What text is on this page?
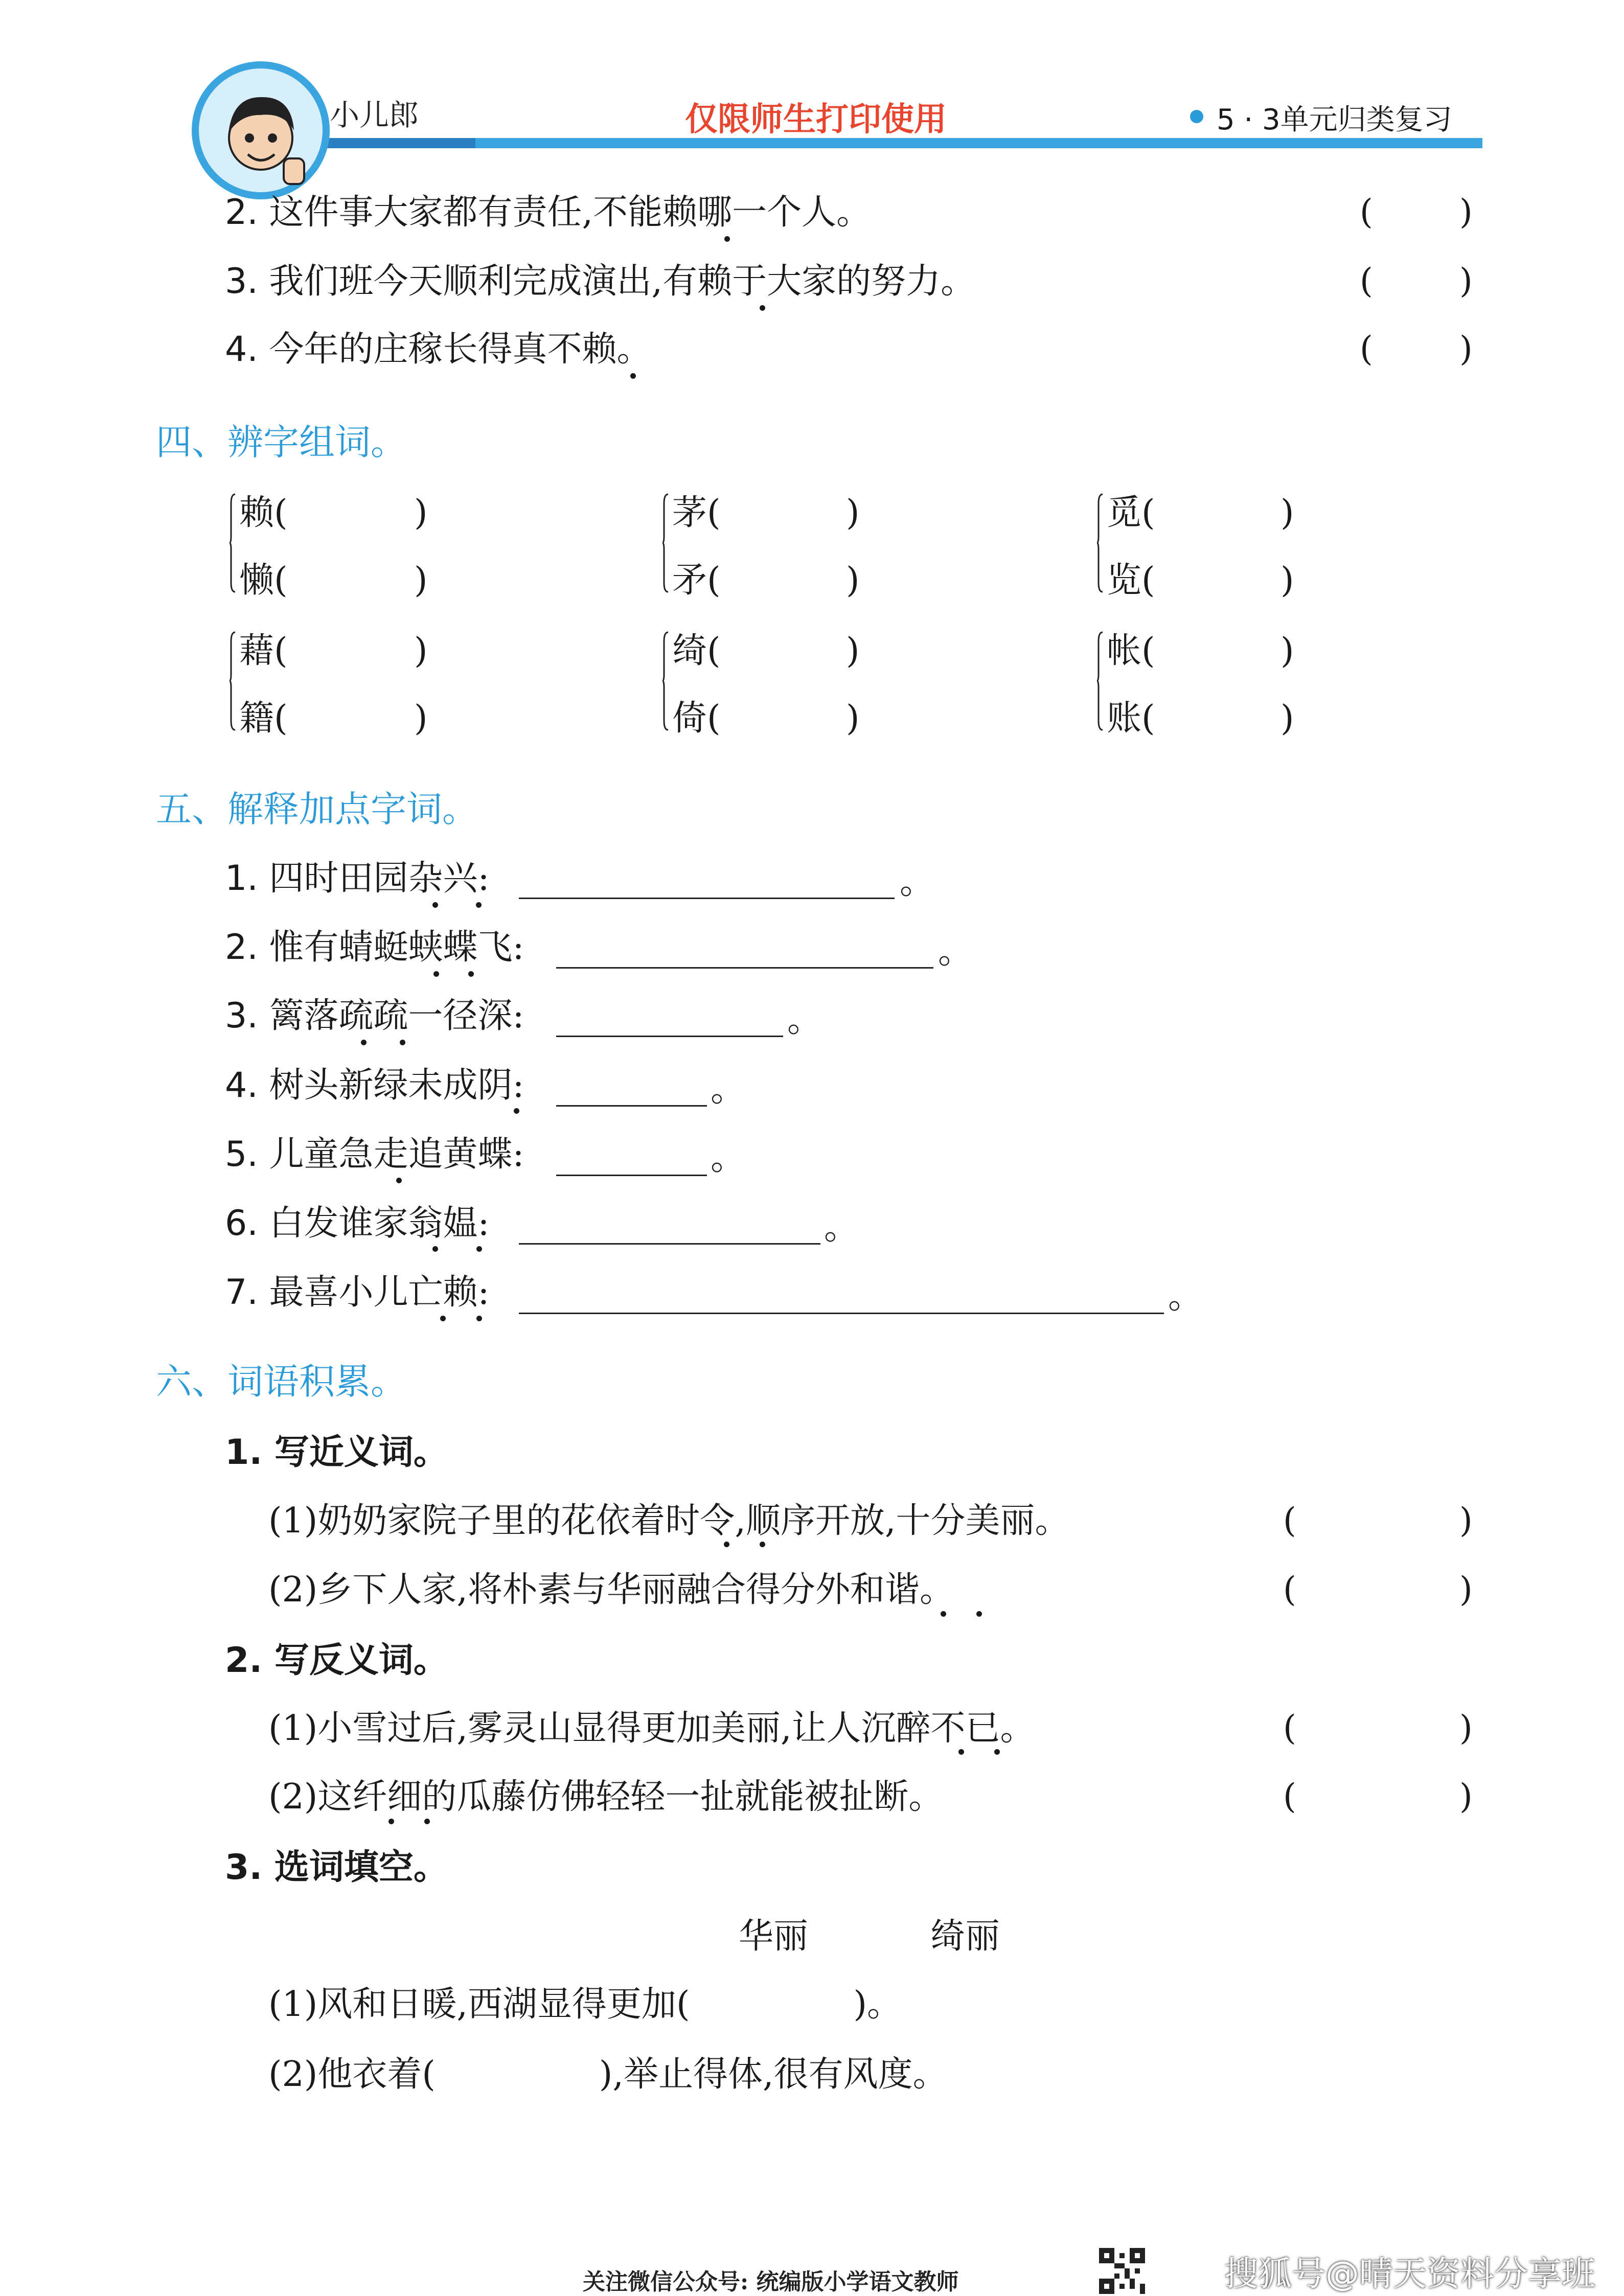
小儿郎	仅限师生打印使用	5 · 3单元归类复习
2. 这件事大家都有责任,不能赖哪一个人。	(	)
3. 我们班今天顺利完成演出,有赖于大家的努力。	(	)
4. 今年的庄稼长得真不赖。	(	)
四、辨字组词。
赖(	)
懒(	)
茅(	)
矛(	)
觅(	)
览(	)
藉(	)
籍(	)
绮(	)
倚(	)
帐(	)
账(	)
五、解释加点字词。
1. 四时田园杂兴:	。
2. 惟有蜻蜓蛱蝶飞:	。
3. 篱落疏疏一径深:	。
4. 树头新绿未成阴:	。
5. 儿童急走追黄蝶:	。
6. 白发谁家翁媪:	。
7. 最喜小儿亡赖:	。
六、词语积累。
1. 写近义词。
(1)奶奶家院子里的花依着时令,顺序开放,十分美丽。	(	)
(2)乡下人家,将朴素与华丽融合得分外和谐。	(	)
2. 写反义词。
(1)小雪过后,雾灵山显得更加美丽,让人沉醉不已。	(	)
(2)这纤细的瓜藤仿佛轻轻一扯就能被扯断。	(	)
3. 选词填空。
华丽	绮丽
(1)风和日暖,西湖显得更加(	)。
(2)他衣着(	),举止得体,很有风度。
关注微信公众号: 统编版小学语文教师	搜狐号@晴天资料分享班
